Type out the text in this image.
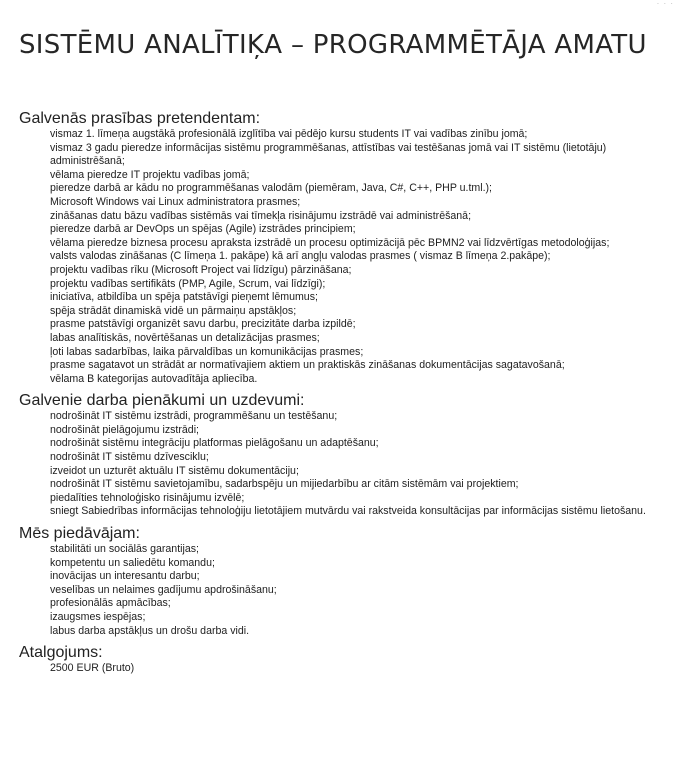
· · ·
SISTĒMU ANALĪTIĶA – PROGRAMMĒTĀJA AMATU
Galvenās prasības pretendentam:
vismaz 1. līmeņa augstākā profesionālā izglītība vai pēdējo kursu students IT vai vadības zinību jomā;
vismaz 3 gadu pieredze informācijas sistēmu programmēšanas, attīstības vai testēšanas jomā vai IT sistēmu (lietotāju) administrēšanā;
vēlama pieredze IT projektu vadības jomā;
pieredze darbā ar kādu no programmēšanas valodām (piemēram, Java, C#, C++, PHP u.tml.);
Microsoft Windows vai Linux administratora prasmes;
zināšanas datu bāzu vadības sistēmās vai tīmekļa risinājumu izstrādē vai administrēšanā;
pieredze darbā ar DevOps un spējas (Agile) izstrādes principiem;
vēlama pieredze biznesa procesu apraksta izstrādē un procesu optimizācijā pēc BPMN2 vai līdzvērtīgas metodoloģijas;
valsts valodas zināšanas (C līmeņa 1. pakāpe) kā arī angļu valodas prasmes ( vismaz B līmeņa 2.pakāpe);
projektu vadības rīku (Microsoft Project vai līdzīgu) pārzināšana;
projektu vadības sertifikāts (PMP, Agile, Scrum, vai līdzīgi);
iniciatīva, atbildība un spēja patstāvīgi pieņemt lēmumus;
spēja strādāt dinamiskā vidē un pārmaiņu apstākļos;
prasme patstāvīgi organizēt savu darbu, precizitāte darba izpildē;
labas analītiskās, novērtēšanas un detalizācijas prasmes;
ļoti labas sadarbības, laika pārvaldības un komunikācijas prasmes;
prasme sagatavot un strādāt ar normatīvajiem aktiem un praktiskās zināšanas dokumentācijas sagatavošanā;
vēlama B kategorijas autovadītāja apliecība.
Galvenie darba pienākumi un uzdevumi:
nodrošināt IT sistēmu izstrādi, programmēšanu un testēšanu;
nodrošināt pielāgojumu izstrādi;
nodrošināt sistēmu integrāciju platformas pielāgošanu un adaptēšanu;
nodrošināt IT sistēmu dzīvesciklu;
izveidot un uzturēt aktuālu IT sistēmu dokumentāciju;
nodrošināt IT sistēmu savietojamību, sadarbspēju un mijiedarbību ar citām sistēmām vai projektiem;
piedalīties tehnoloģisko risinājumu izvēlē;
sniegt Sabiedrības informācijas tehnoloģiju lietotājiem mutvārdu vai rakstveida konsultācijas par informācijas sistēmu lietošanu.
Mēs piedāvājam:
stabilitāti un sociālās garantijas;
kompetentu un saliedētu komandu;
inovācijas un interesantu darbu;
veselības un nelaimes gadījumu apdrošināšanu;
profesionālās apmācības;
izaugsmes iespējas;
labus darba apstākļus un drošu darba vidi.
Atalgojums:
2500 EUR (Bruto)
